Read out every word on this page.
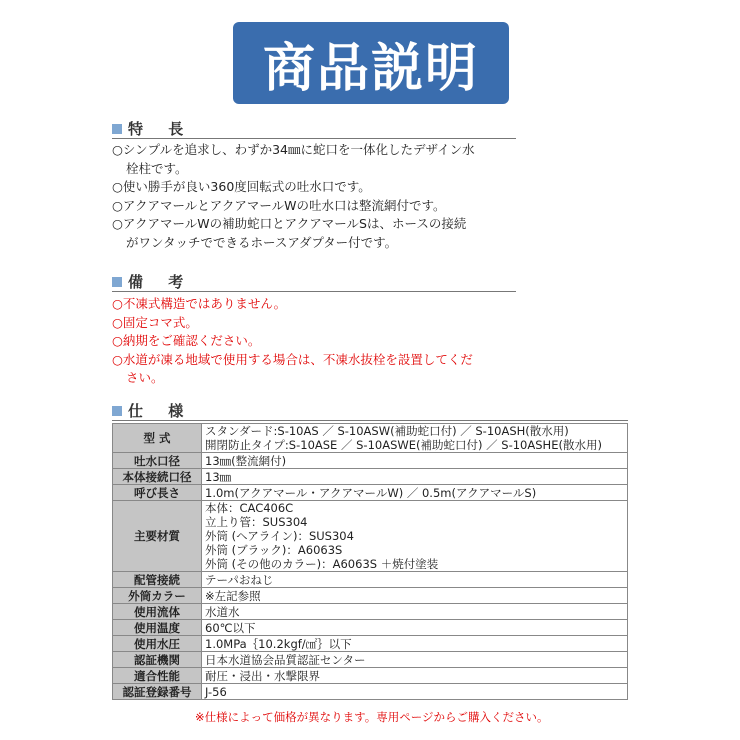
商品説明
特 長
○シンプルを追求し、わずか34㎜に蛇口を一体化したデザイン水

栓柱です。
○使い勝手が良い360度回転式の吐水口です。
○アクアマールとアクアマールWの吐水口は整流網付です。
○アクアマールWの補助蛇口とアクアマールSは、ホースの接続

がワンタッチでできるホースアダプター付です。
備 考
○不凍式構造ではありません。
○固定コマ式。
○納期をご確認ください。
○水道が凍る地域で使用する場合は、不凍水抜栓を設置してくだ

さい。
仕 様
型 式	スタンダード:S-10AS ／ S-10ASW(補助蛇口付) ／ S-10ASH(散水用)
開閉防止タイプ:S-10ASE ／ S-10ASWE(補助蛇口付) ／ S-10ASHE(散水用)

吐水口径	13㎜(整流網付)

本体接続口径	13㎜

呼び長さ	1.0m(アクアマール・アクアマールW) ／ 0.5m(アクアマールS)

主要材質	本体：CAC406C
立上り管：SUS304
外筒 (ヘアライン)：SUS304
外筒 (ブラック)：A6063S
外筒 (その他のカラー)：A6063S ＋焼付塗装

配管接続	テーパおねじ

外筒カラー	※左記参照

使用流体	水道水

使用温度	60℃以下

使用水圧	1.0MPa｛10.2kgf/㎠｝以下

認証機関	日本水道協会品質認証センター

適合性能	耐圧・浸出・水撃限界

認証登録番号	J-56
※仕様によって価格が異なります。専用ページからご購入ください。
